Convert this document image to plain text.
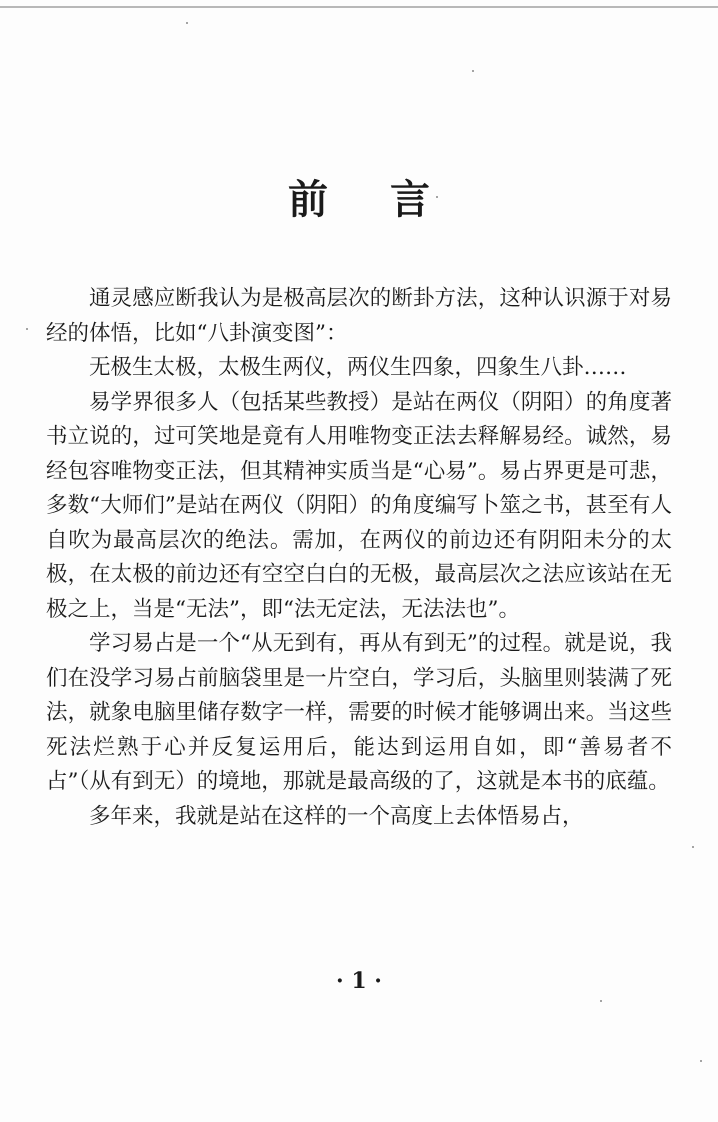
前 言

通灵感应断我认为是极高层次的断卦方法，这种认识源于对易经的体悟，比如“八卦演变图”：

无极生太极，太极生两仪，两仪生四象，四象生八卦……

易学界很多人（包括某些教授）是站在两仪（阴阳）的角度著书立说的，过可笑地是竟有人用唯物变正法去释解易经。诚然，易经包容唯物变正法，但其精神实质当是“心易”。易占界更是可悲，多数“大师们”是站在两仪（阴阳）的角度编写卜筮之书，甚至有人自吹为最高层次的绝法。需加，在两仪的前边还有阴阳未分的太极，在太极的前边还有空空白白的无极，最高层次之法应该站在无极之上，当是“无法”，即“法无定法，无法法也”。

学习易占是一个“从无到有，再从有到无”的过程。就是说，我们在没学习易占前脑袋里是一片空白，学习后，头脑里则装满了死法，就象电脑里储存数字一样，需要的时候才能够调出来。当这些死法烂熟于心并反复运用后，能达到运用自如，即“善易者不占”（从有到无）的境地，那就是最高级的了，这就是本书的底蕴。

多年来，我就是站在这样的一个高度上去体悟易占，

· 1 ·
